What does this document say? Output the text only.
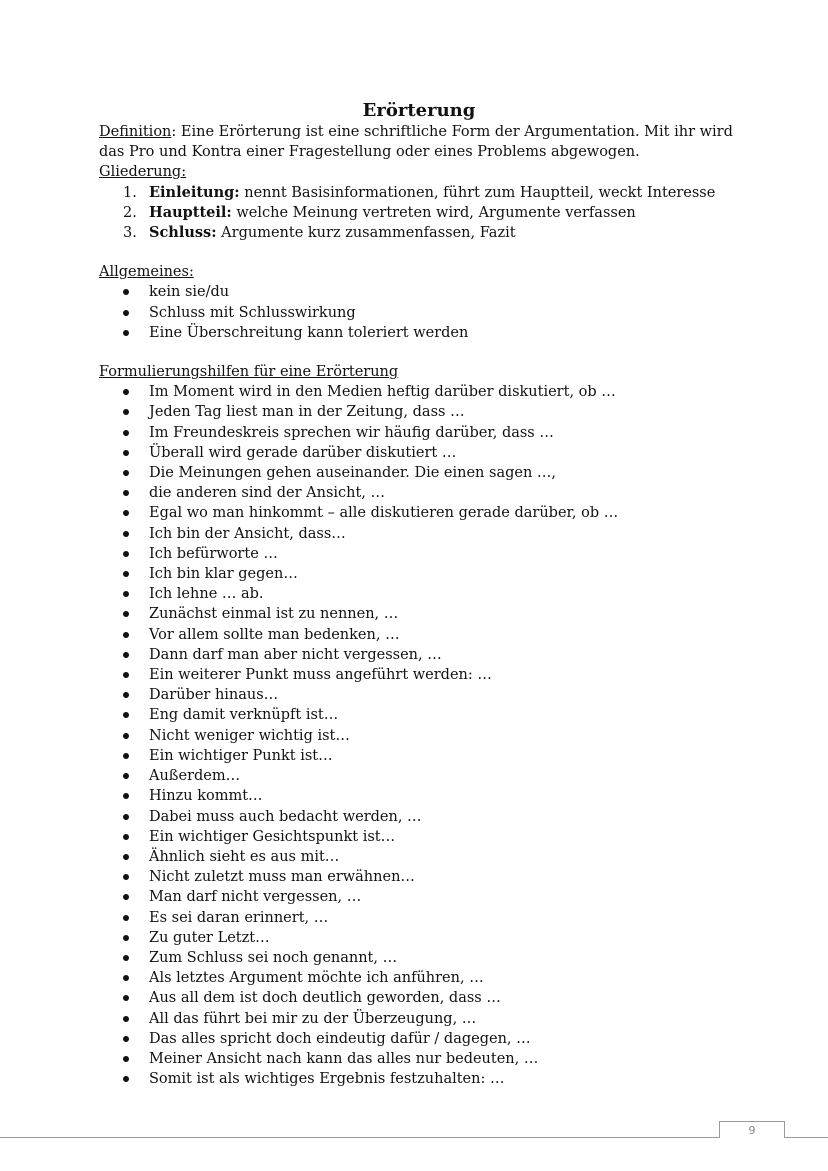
Erörterung

Definition: Eine Erörterung ist eine schriftliche Form der Argumentation. Mit ihr wird das Pro und Kontra einer Fragestellung oder eines Problems abgewogen.

Gliederung:

1. Einleitung: nennt Basisinformationen, führt zum Hauptteil, weckt Interesse
2. Hauptteil: welche Meinung vertreten wird, Argumente verfassen
3. Schluss: Argumente kurz zusammenfassen, Fazit

Allgemeines:

kein sie/du
Schluss mit Schlusswirkung
Eine Überschreitung kann toleriert werden

Formulierungshilfen für eine Erörterung

Im Moment wird in den Medien heftig darüber diskutiert, ob …
Jeden Tag liest man in der Zeitung, dass …
Im Freundeskreis sprechen wir häufig darüber, dass …
Überall wird gerade darüber diskutiert …
Die Meinungen gehen auseinander. Die einen sagen …,
die anderen sind der Ansicht, …
Egal wo man hinkommt – alle diskutieren gerade darüber, ob …
Ich bin der Ansicht, dass…
Ich befürworte …
Ich bin klar gegen…
Ich lehne … ab.
Zunächst einmal ist zu nennen, …
Vor allem sollte man bedenken, …
Dann darf man aber nicht vergessen, …
Ein weiterer Punkt muss angeführt werden: …
Darüber hinaus…
Eng damit verknüpft ist…
Nicht weniger wichtig ist…
Ein wichtiger Punkt ist…
Außerdem…
Hinzu kommt…
Dabei muss auch bedacht werden, …
Ein wichtiger Gesichtspunkt ist…
Ähnlich sieht es aus mit…
Nicht zuletzt muss man erwähnen…
Man darf nicht vergessen, …
Es sei daran erinnert, …
Zu guter Letzt…
Zum Schluss sei noch genannt, …
Als letztes Argument möchte ich anführen, …
Aus all dem ist doch deutlich geworden, dass …
All das führt bei mir zu der Überzeugung, …
Das alles spricht doch eindeutig dafür / dagegen, …
Meiner Ansicht nach kann das alles nur bedeuten, …
Somit ist als wichtiges Ergebnis festzuhalten: …
9
